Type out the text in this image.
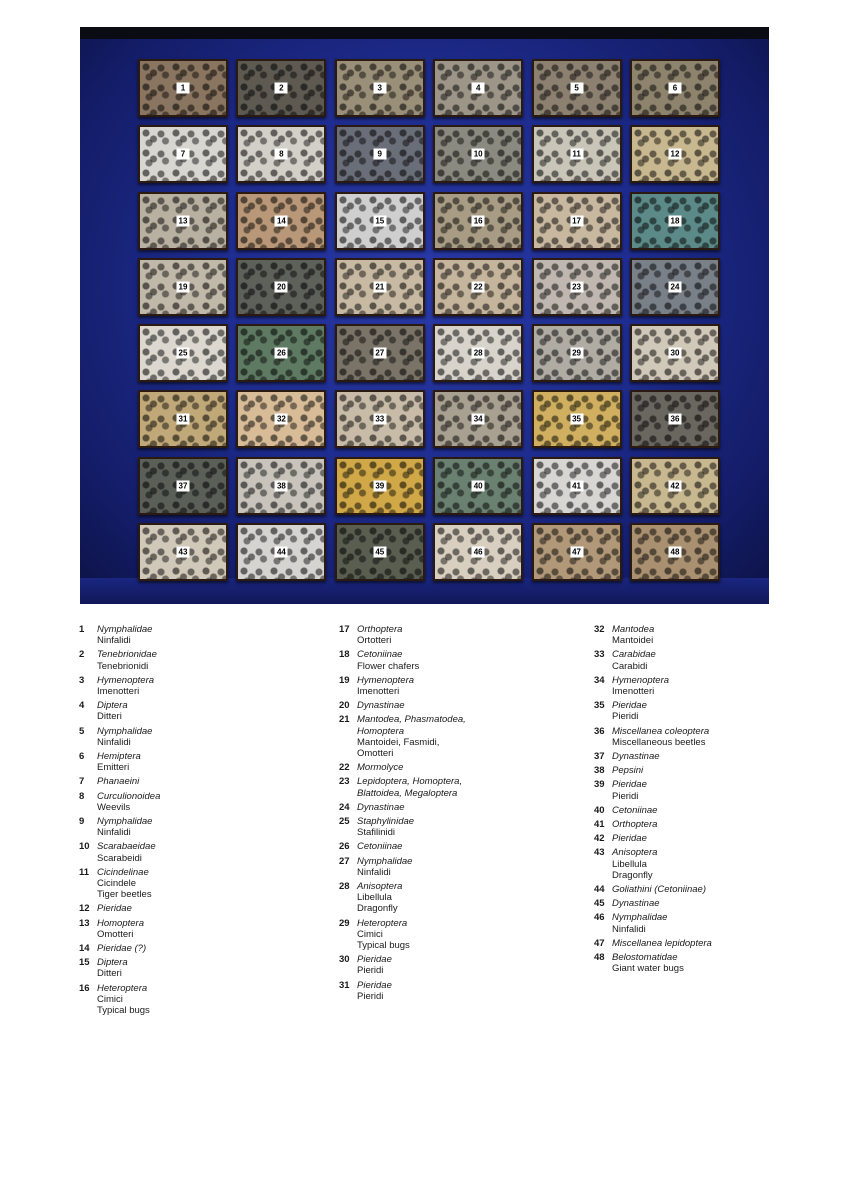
1	2	3	4	5	6
7	8	9	10	11	12
13	14	15	16	17	18
19	20	21	22	23	24
25	26	27	28	29	30
31	32	33	34	35	36
37	38	39	40	41	42
43	44	45	46	47	48
1	Nymphalidae
Ninfalidi
2	Tenebrionidae
Tenebrionidi
3	Hymenoptera
Imenotteri
4	Diptera
Ditteri
5	Nymphalidae
Ninfalidi
6	Hemiptera
Emitteri
7	Phanaeini
8	Curculionoidea
Weevils
9	Nymphalidae
Ninfalidi
10 Scarabaeidae
Scarabeidi
11 Cicindelinae
Cicindele
Tiger beetles
12 Pieridae
13 Homoptera
Omotteri
14 Pieridae (?)
15 Diptera
Ditteri
16 Heteroptera
Cimici
Typical bugs
17 Orthoptera
Ortotteri
18 Cetoniinae
Flower chafers
19 Hymenoptera
Imenotteri
20 Dynastinae
21 Mantodea, Phasmatodea,
Homoptera
Mantoidei, Fasmidi,
Omotteri
22 Mormolyce
23 Lepidoptera, Homoptera,
Blattoidea, Megaloptera
24 Dynastinae
25 Staphylinidae
Stafilinidi
26 Cetoniinae
27 Nymphalidae
Ninfalidi
28 Anisoptera
Libellula
Dragonfly
29 Heteroptera
Cimici
Typical bugs
30 Pieridae
Pieridi
31 Pieridae
Pieridi
32 Mantodea
Mantoidei
33 Carabidae
Carabidi
34 Hymenoptera
Imenotteri
35 Pieridae
Pieridi
36 Miscellanea coleoptera
Miscellaneous beetles
37 Dynastinae
38 Pepsini
39 Pieridae
Pieridi
40 Cetoniinae
41 Orthoptera
42 Pieridae
43 Anisoptera
Libellula
Dragonfly
44 Goliathini (Cetoniinae)
45 Dynastinae
46 Nymphalidae
Ninfalidi
47 Miscellanea lepidoptera
48 Belostomatidae
Giant water bugs
